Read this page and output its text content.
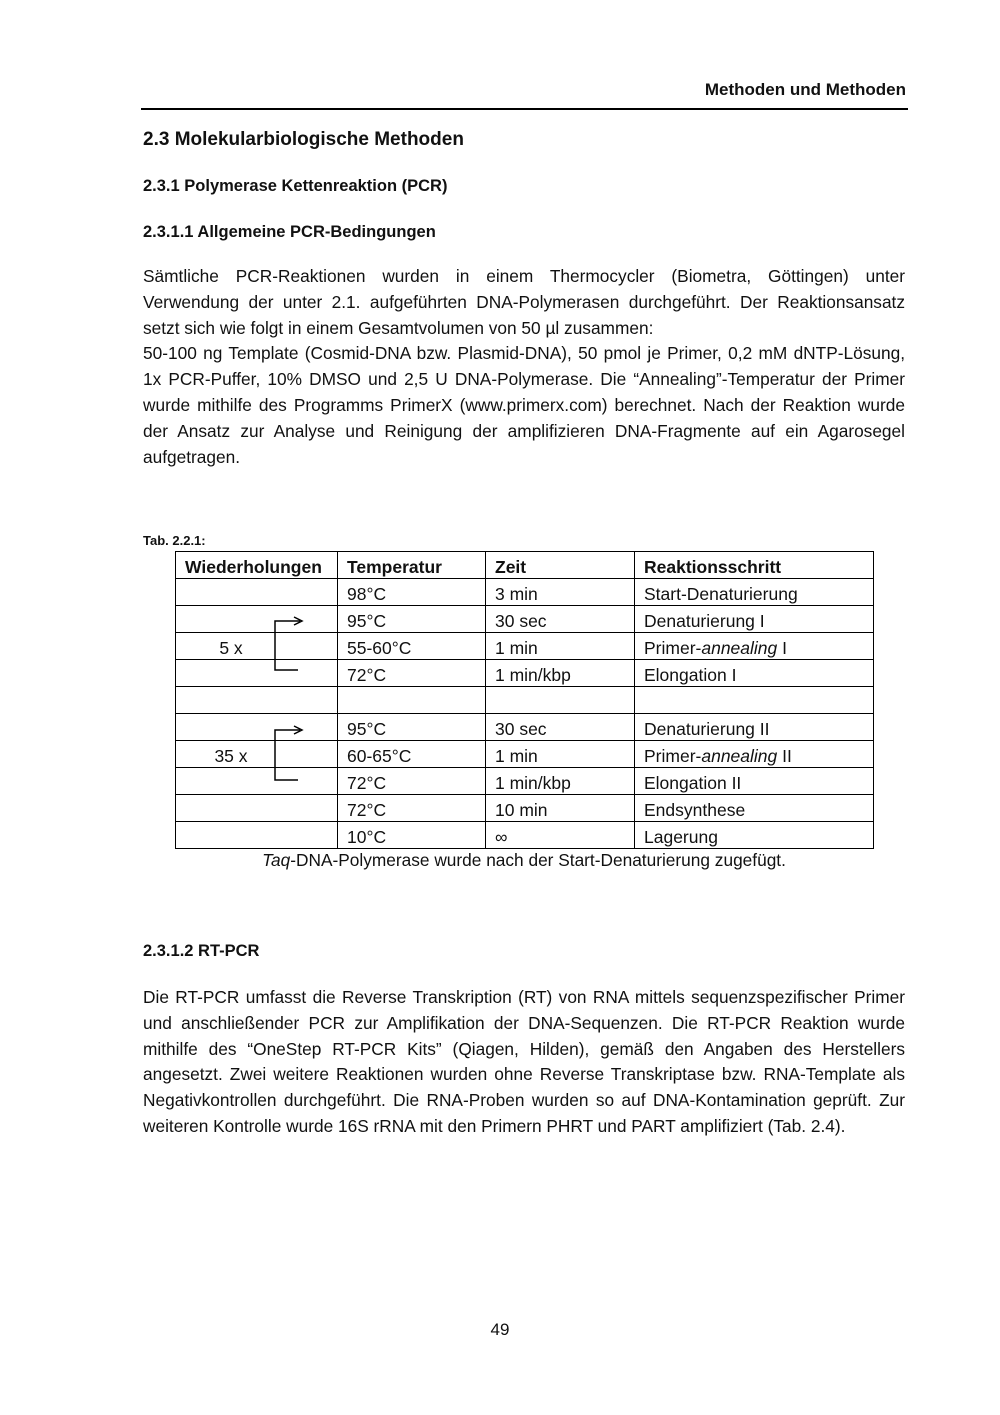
Methoden und Methoden
2.3 Molekularbiologische Methoden
2.3.1 Polymerase Kettenreaktion (PCR)
2.3.1.1 Allgemeine PCR-Bedingungen
Sämtliche PCR-Reaktionen wurden in einem Thermocycler (Biometra, Göttingen) unter Verwendung der unter 2.1. aufgeführten DNA-Polymerasen durchgeführt. Der Reaktionsansatz setzt sich wie folgt in einem Gesamtvolumen von 50 µl zusammen:
50-100 ng Template (Cosmid-DNA bzw. Plasmid-DNA), 50 pmol je Primer, 0,2 mM dNTP-Lösung, 1x PCR-Puffer, 10% DMSO und 2,5 U DNA-Polymerase. Die “Annealing”-Temperatur der Primer wurde mithilfe des Programms PrimerX (www.primerx.com) berechnet. Nach der Reaktion wurde der Ansatz zur Analyse und Reinigung der amplifizieren DNA-Fragmente auf ein Agarosegel aufgetragen.
Tab. 2.2.1:
Wiederholungen	Temperatur	Zeit	Reaktionsschritt
	98°C	3 min	Start-Denaturierung
	95°C	30 sec	Denaturierung I
5 x	55-60°C	1 min	Primer-annealing I
	72°C	1 min/kbp	Elongation I

	95°C	30 sec	Denaturierung II
35 x	60-65°C	1 min	Primer-annealing II
	72°C	1 min/kbp	Elongation II
	72°C	10 min	Endsynthese
	10°C	∞	Lagerung
Taq-DNA-Polymerase wurde nach der Start-Denaturierung zugefügt.
2.3.1.2 RT-PCR

Die RT-PCR umfasst die Reverse Transkription (RT) von RNA mittels sequenzspezifischer Primer und anschließender PCR zur Amplifikation der DNA-Sequenzen. Die RT-PCR Reaktion wurde mithilfe des “OneStep RT-PCR Kits” (Qiagen, Hilden), gemäß den Angaben des Herstellers angesetzt. Zwei weitere Reaktionen wurden ohne Reverse Transkriptase bzw. RNA-Template als Negativkontrollen durchgeführt. Die RNA-Proben wurden so auf DNA-Kontamination geprüft. Zur weiteren Kontrolle wurde 16S rRNA mit den Primern PHRT und PART amplifiziert (Tab. 2.4).

49
